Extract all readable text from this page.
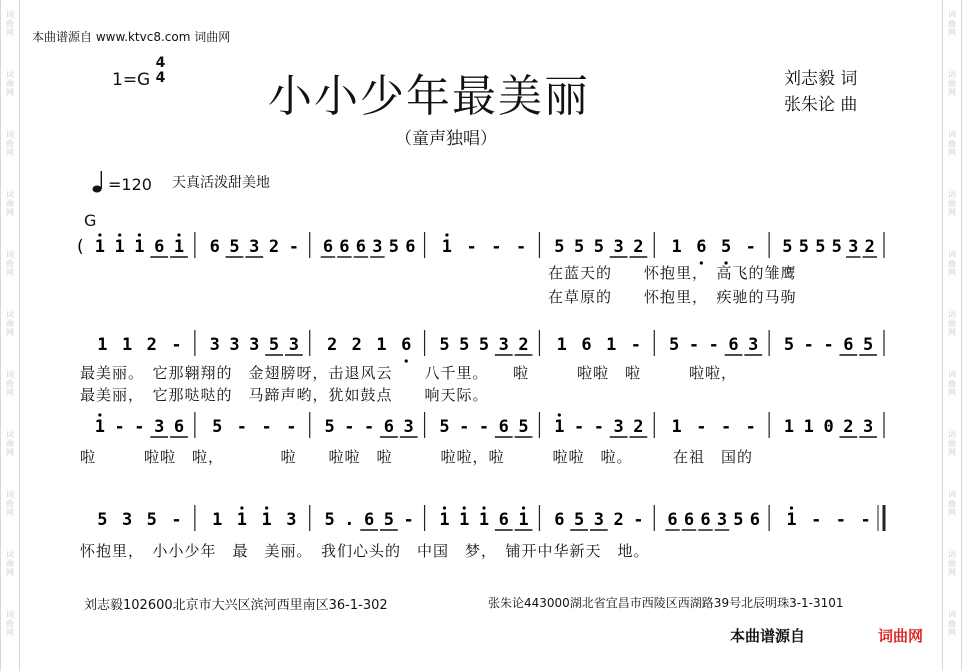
词
曲
网
词
曲
网
词
曲
网
词
曲
网
词
曲
网
词
曲
网
词
曲
网
词
曲
网
词
曲
网
词
曲
网
词
曲
网
词
曲
网
词
曲
网
词
曲
网
词
曲
网
词
曲
网
词
曲
网
词
曲
网
词
曲
网
词
曲
网
词
曲
网
词
曲
网
本曲谱源自 www.ktvc8.com 词曲网
1=G
4
4 小小少年最美丽
（童声独唱）
刘志毅 词
张朱论 曲
=120 天真活泼甜美地
G
1 1 1 6 1 6 5 3 2 - 6 6 6 3 5 6 1 - - - 5 5 5 3 2 1 6 5 - 5 5 5 5 3 2
(
1 1 2 - 3 3 3 5 3 2 2 1 6 5 5 5 3 2 1 6 1 - 5 - - 6 3 5 - - 6 5
1 - - 3 6 5 - - - 5 - - 6 3 5 - - 6 5 1 - - 3 2 1 - - - 1 1 0 2 3
5 3 5 - 1 1 1 3 5 . 6 5 - 1 1 1 6 1 6 5 3 2 - 6 6 6 3 5 6 1 - - -
刘志毅102600北京市大兴区滨河西里南区36-1-302	张朱论443000湖北省宜昌市西陵区西湖路39号北辰明珠3-1-3101
本曲谱源自	词曲网
在蓝天的　　怀抱里，　高飞的雏鹰
在草原的　　怀抱里，　疾驰的马驹
最美丽。　它那翱翔的　金翅膀呀，击退风云　　八千里。　　啦　　　啦啦　啦　　　啦啦，
最美丽，　它那哒哒的　马蹄声哟，犹如鼓点　　响天际。
啦　　　啦啦　啦，　　　　啦　　啦啦　啦　　　啦啦，啦　　　啦啦　啦。　　　在祖　国的
怀抱里，　小小少年　最　美丽。　我们心头的　中国　梦，　铺开中华新天　地。
